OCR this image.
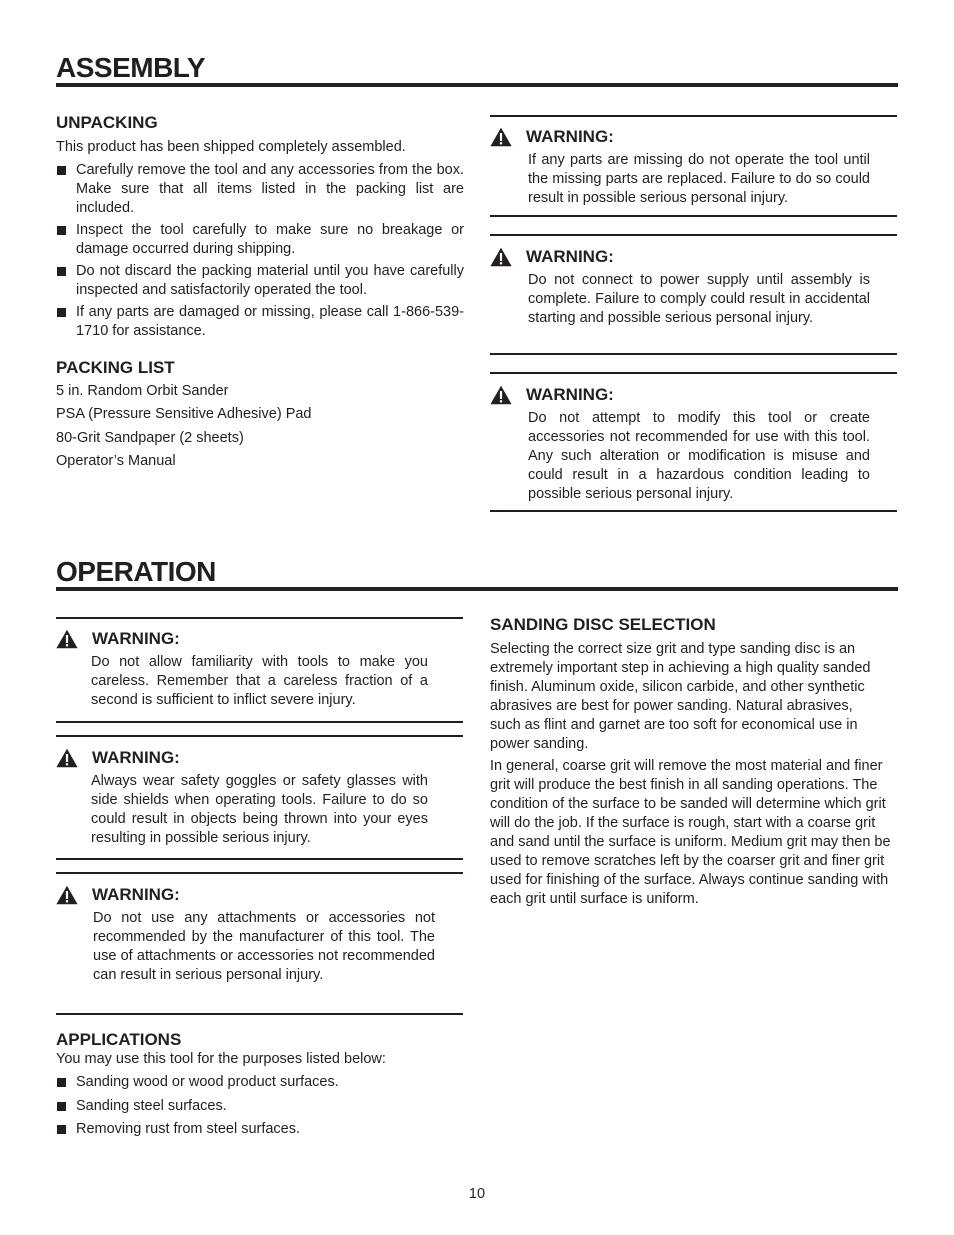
ASSEMBLY
UNPACKING
This product has been shipped completely assembled.
Carefully remove the tool and any accessories from the box. Make sure that all items listed in the packing list are included.
Inspect the tool carefully to make sure no breakage or damage occurred during shipping.
Do not discard the packing material until you have carefully inspected and satisfactorily operated the tool.
If any parts are damaged or missing, please call 1-866-539-1710 for assistance.
PACKING LIST
5 in. Random Orbit Sander
PSA (Pressure Sensitive Adhesive) Pad
80-Grit Sandpaper (2 sheets)
Operator’s Manual
WARNING:
If any parts are missing do not operate the tool until the missing parts are replaced. Failure to do so could result in possible serious personal injury.
WARNING:
Do not connect to power supply until assembly is complete. Failure to comply could result in accidental starting and possible serious personal injury.
WARNING:
Do not attempt to modify this tool or create accessories not recommended for use with this tool. Any such alteration or modification is misuse and could result in a hazardous condition leading to possible serious personal injury.
OPERATION
WARNING:
Do not allow familiarity with tools to make you careless. Remember that a careless fraction of a second is sufficient to inflict severe injury.
WARNING:
Always wear safety goggles or safety glasses with side shields when operating tools. Failure to do so could result in objects being thrown into your eyes resulting in possible serious injury.
WARNING:
Do not use any attachments or accessories not recommended by the manufacturer of this tool. The use of attachments or accessories not recommended can result in serious personal injury.
APPLICATIONS
You may use this tool for the purposes listed below:
Sanding wood or wood product surfaces.
Sanding steel surfaces.
Removing rust from steel surfaces.
SANDING DISC SELECTION
Selecting the correct size grit and type sanding disc is an extremely important step in achieving a high quality sanded finish. Aluminum oxide, silicon carbide, and other synthetic abrasives are best for power sanding. Natural abrasives, such as flint and garnet are too soft for economical use in power sanding.
In general, coarse grit will remove the most material and finer grit will produce the best finish in all sanding operations. The condition of the surface to be sanded will determine which grit will do the job. If the surface is rough, start with a coarse grit and sand until the surface is uniform. Medium grit may then be used to remove scratches left by the coarser grit and finer grit used for finishing of the surface. Always continue sanding with each grit until surface is uniform.
10
